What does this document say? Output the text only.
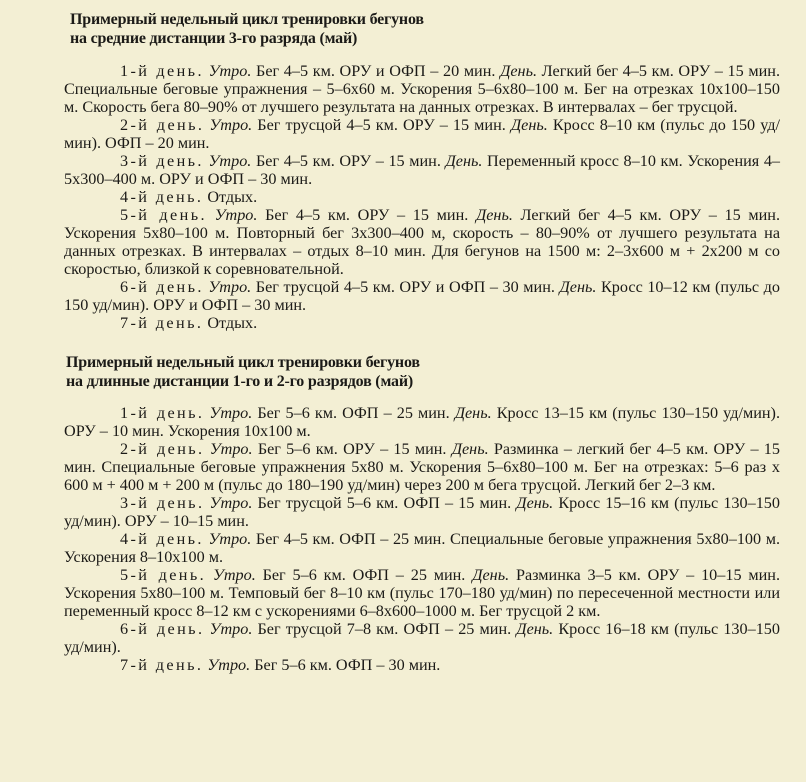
Примерный недельный цикл тренировки бегунов
на средние дистанции 3-го разряда (май)

1-й день. Утро. Бег 4–5 км. ОРУ и ОФП – 20 мин. День. Легкий бег 4–5 км. ОРУ – 15 мин. Специальные беговые упражнения – 5–6x60 м. Ускорения 5–6x80–100 м. Бег на отрезках 10x100–150 м. Скорость бега 80–90% от лучшего результата на данных отрезках. В интервалах – бег трусцой.

2-й день. Утро. Бег трусцой 4–5 км. ОРУ – 15 мин. День. Кросс 8–10 км (пульс до 150 уд/мин). ОФП – 20 мин.

3-й день. Утро. Бег 4–5 км. ОРУ – 15 мин. День. Переменный кросс 8–10 км. Ускорения 4–5x300–400 м. ОРУ и ОФП – 30 мин.

4-й день. Отдых.

5-й день. Утро. Бег 4–5 км. ОРУ – 15 мин. День. Легкий бег 4–5 км. ОРУ – 15 мин. Ускорения 5x80–100 м. Повторный бег 3x300–400 м, скорость – 80–90% от лучшего результата на данных отрезках. В интервалах – отдых 8–10 мин. Для бегунов на 1500 м: 2–3x600 м + 2x200 м со скоростью, близкой к соревновательной.

6-й день. Утро. Бег трусцой 4–5 км. ОРУ и ОФП – 30 мин. День. Кросс 10–12 км (пульс до 150 уд/мин). ОРУ и ОФП – 30 мин.

7-й день. Отдых.

Примерный недельный цикл тренировки бегунов
на длинные дистанции 1-го и 2-го разрядов (май)

1-й день. Утро. Бег 5–6 км. ОФП – 25 мин. День. Кросс 13–15 км (пульс 130–150 уд/мин). ОРУ – 10 мин. Ускорения 10x100 м.

2-й день. Утро. Бег 5–6 км. ОРУ – 15 мин. День. Разминка – легкий бег 4–5 км. ОРУ – 15 мин. Специальные беговые упражнения 5x80 м. Ускорения 5–6x80–100 м. Бег на отрезках: 5–6 раз x 600 м + 400 м + 200 м (пульс до 180–190 уд/мин) через 200 м бега трусцой. Легкий бег 2–3 км.

3-й день. Утро. Бег трусцой 5–6 км. ОФП – 15 мин. День. Кросс 15–16 км (пульс 130–150 уд/мин). ОРУ – 10–15 мин.

4-й день. Утро. Бег 4–5 км. ОФП – 25 мин. Специальные беговые упражнения 5x80–100 м. Ускорения 8–10x100 м.

5-й день. Утро. Бег 5–6 км. ОФП – 25 мин. День. Разминка 3–5 км. ОРУ – 10–15 мин. Ускорения 5x80–100 м. Темповый бег 8–10 км (пульс 170–180 уд/мин) по пересеченной местности или переменный кросс 8–12 км с ускорениями 6–8x600–1000 м. Бег трусцой 2 км.

6-й день. Утро. Бег трусцой 7–8 км. ОФП – 25 мин. День. Кросс 16–18 км (пульс 130–150 уд/мин).

7-й день. Утро. Бег 5–6 км. ОФП – 30 мин.
